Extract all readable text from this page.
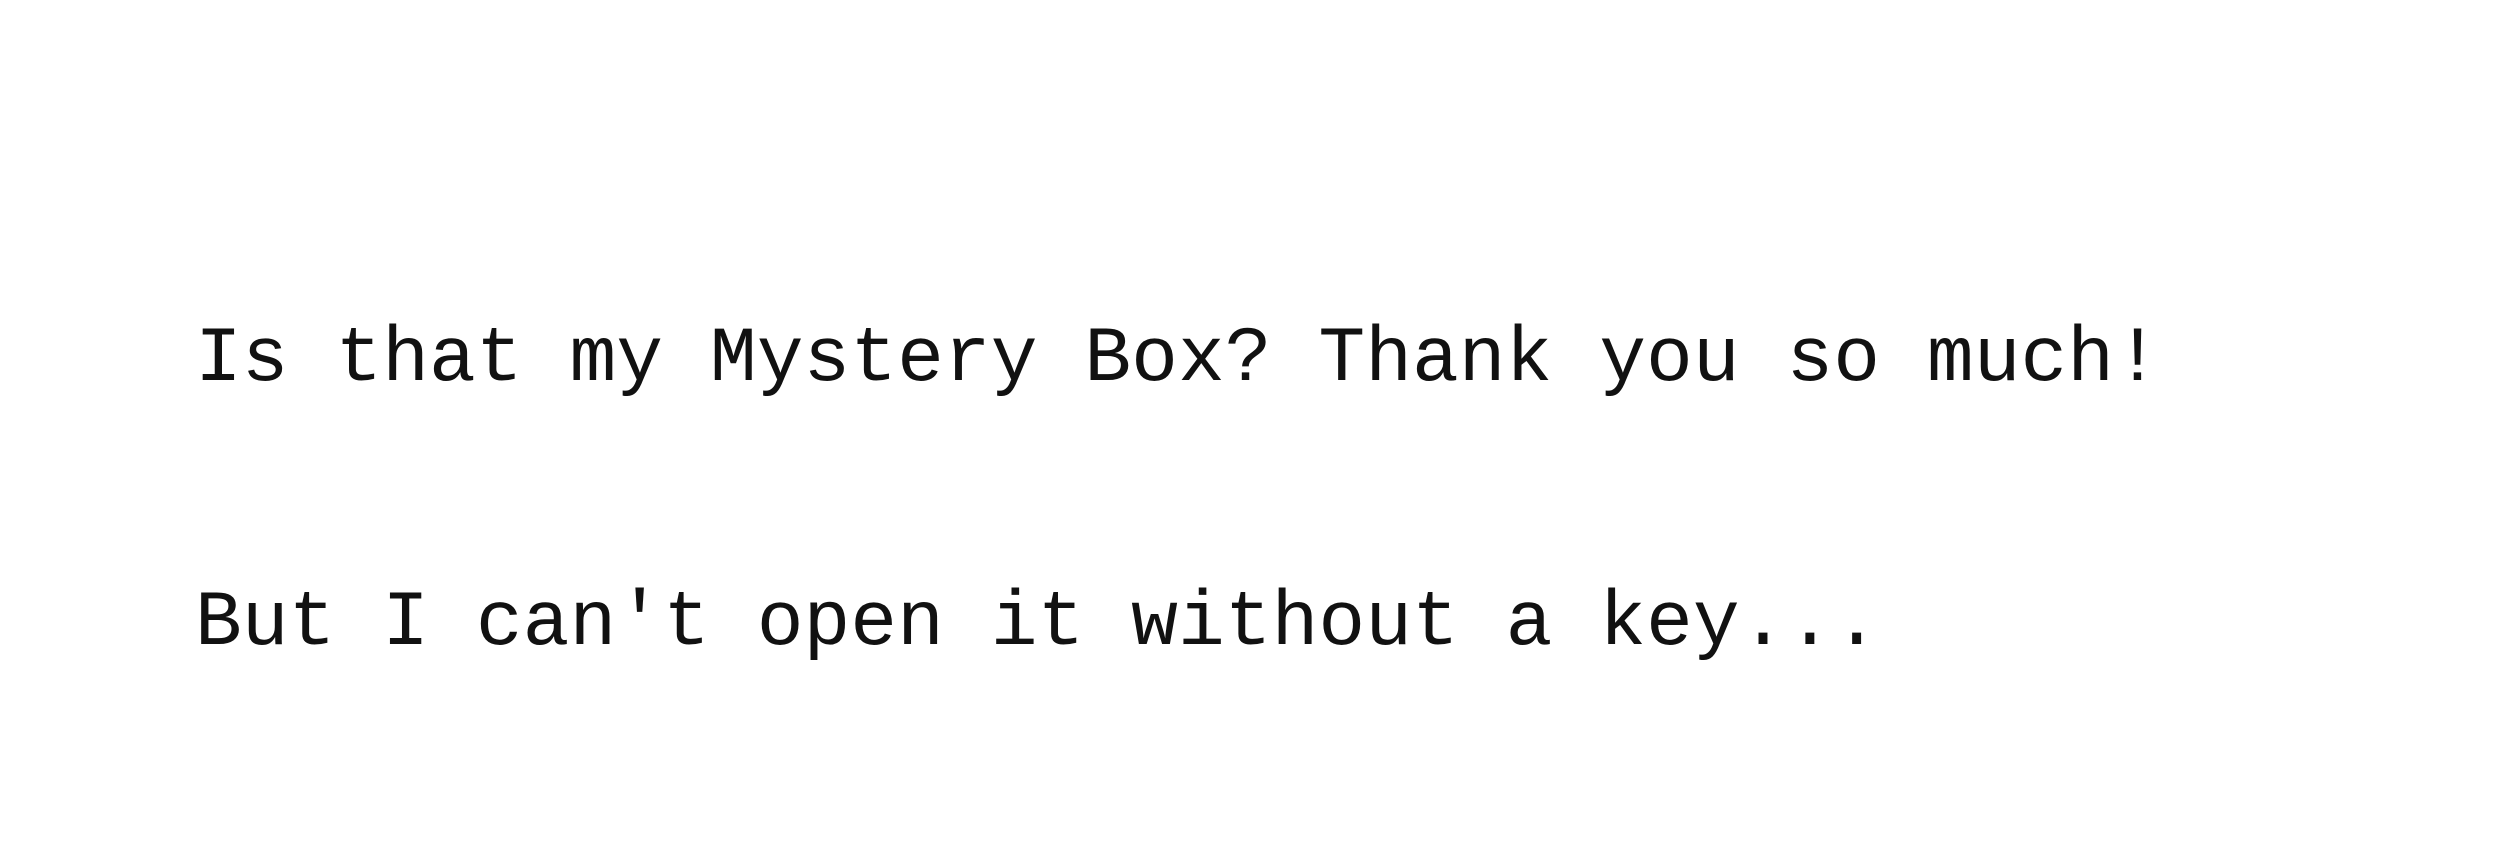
Is that my Mystery Box? Thank you so much!

But I can't open it without a key...
